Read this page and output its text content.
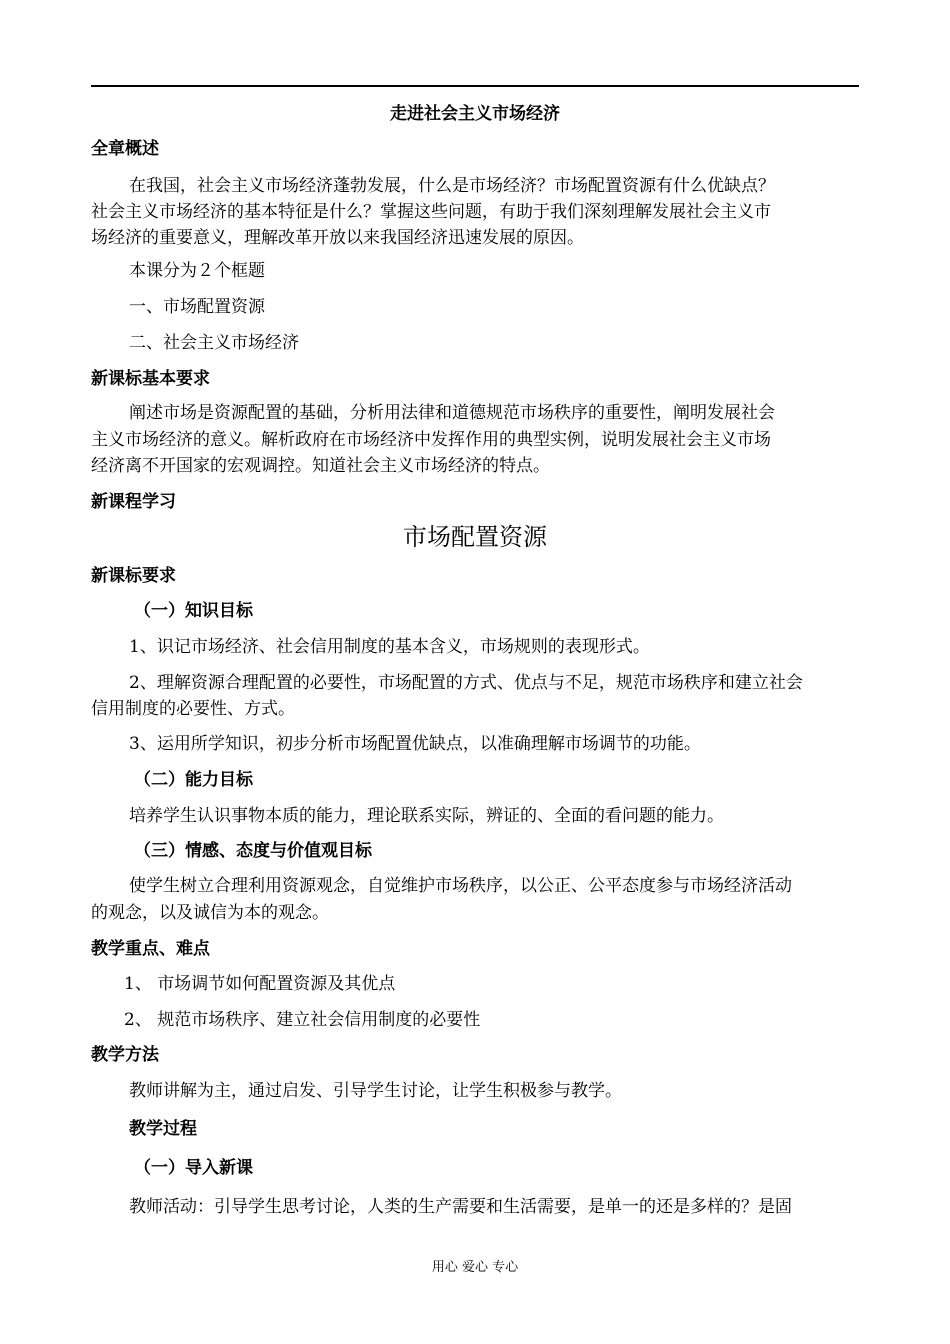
走进社会主义市场经济
全章概述
在我国，社会主义市场经济蓬勃发展，什么是市场经济？市场配置资源有什么优缺点？
社会主义市场经济的基本特征是什么？掌握这些问题，有助于我们深刻理解发展社会主义市
场经济的重要意义，理解改革开放以来我国经济迅速发展的原因。
本课分为２个框题
一、市场配置资源
二、社会主义市场经济
新课标基本要求
阐述市场是资源配置的基础，分析用法律和道德规范市场秩序的重要性，阐明发展社会
主义市场经济的意义。解析政府在市场经济中发挥作用的典型实例，说明发展社会主义市场
经济离不开国家的宏观调控。知道社会主义市场经济的特点。
新课程学习
市场配置资源
新课标要求
（一）知识目标
1、识记市场经济、社会信用制度的基本含义，市场规则的表现形式。
2、理解资源合理配置的必要性，市场配置的方式、优点与不足，规范市场秩序和建立社会
信用制度的必要性、方式。
3、运用所学知识，初步分析市场配置优缺点，以准确理解市场调节的功能。
（二）能力目标
培养学生认识事物本质的能力，理论联系实际，辨证的、全面的看问题的能力。
（三）情感、态度与价值观目标
使学生树立合理利用资源观念，自觉维护市场秩序，以公正、公平态度参与市场经济活动
的观念，以及诚信为本的观念。
教学重点、难点
1、 市场调节如何配置资源及其优点
2、 规范市场秩序、建立社会信用制度的必要性
教学方法
教师讲解为主，通过启发、引导学生讨论，让学生积极参与教学。
教学过程
（一）导入新课
教师活动：引导学生思考讨论，人类的生产需要和生活需要，是单一的还是多样的？是固
用心 爱心 专心
